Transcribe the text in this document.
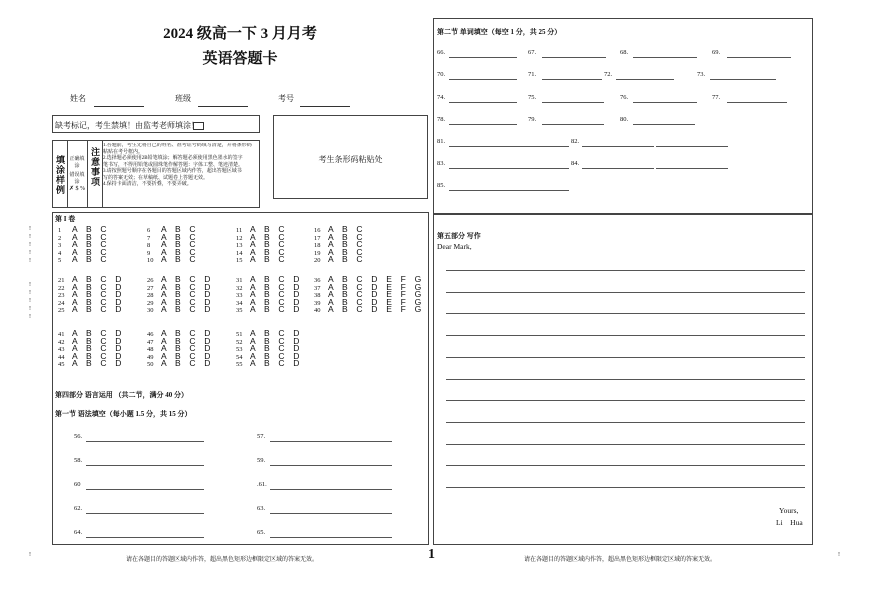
2024 级高一下 3 月月考
英语答题卡
姓名	班级	考号
缺考标记，考生禁填！由监考老师填涂！
考生条形码粘贴处
填涂样例 正确填涂
错误填涂
✗ $ %
注意事项
1.答题前，考生先将自己的姓名、准考证号码填写清楚，并将条形码
粘贴在考号框内。
2.选择题必须使用2B铅笔填涂；解答题必须使用黑色墨水的签字
笔书写，不得用铅笔或圆珠笔作解答题：字体工整、笔迹清楚。
3.请按照题号顺序在各题目的答题区域内作答，超出答题区域书
写的答案无效；在草稿纸、试题卷上答题无效。
4.保持卡面清洁，不要折叠，不要弄破。
第 I 卷
1 A B C
2 A B C
3 A B C
4 A B C
5 A B C
6 A B C
7 A B C
8 A B C
9 A B C
10 A B C
11 A B C
12 A B C
13 A B C
14 A B C
15 A B C
16 A B C
17 A B C
18 A B C
19 A B C
20 A B C
21 A B C D
22 A B C D
23 A B C D
24 A B C D
25 A B C D
26 A B C D
27 A B C D
28 A B C D
29 A B C D
30 A B C D
31 A B C D
32 A B C D
33 A B C D
34 A B C D
35 A B C D
36 A B C D E F G
37 A B C D E F G
38 A B C D E F G
39 A B C D E F G
40 A B C D E F G
41 A B C D
42 A B C D
43 A B C D
44 A B C D
45 A B C D
46 A B C D
47 A B C D
48 A B C D
49 A B C D
50 A B C D
51 A B C D
52 A B C D
53 A B C D
54 A B C D
55 A B C D
!
!
!
!
!
!
!
!
!
!
第四部分 语言运用 （共二节，满分 40 分）
第一节 语法填空（每小题 1.5 分，共 15 分）
56.
58.
60
62.
64.
57.
59.
.61.
63.
65.
第二节 单词填空（每空 1 分，共 25 分）
66.	67.	68.	69.
70.	71.	72.	73.
74.	75.	76.	77.
78.	79.	80.
81.	82.
83.	84.
85.
第五部分 写作
Dear Mark,
Yours,
Li    Hua
请在各题目的答题区域内作答，超出黑色矩形边框限定区域的答案无效。	1	请在各题目的答题区域内作答，超出黑色矩形边框限定区域的答案无效。
!	!
